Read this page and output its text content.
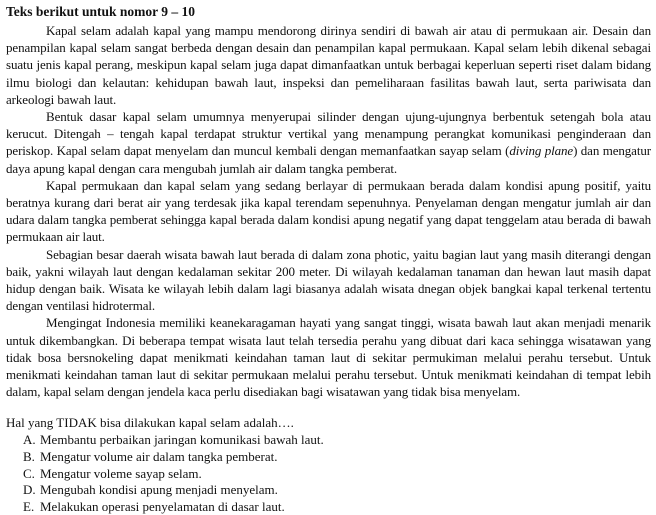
Teks berikut untuk nomor 9 – 10

Kapal selam adalah kapal yang mampu mendorong dirinya sendiri di bawah air atau di permukaan air. Desain dan penampilan kapal selam sangat berbeda dengan desain dan penampilan kapal permukaan. Kapal selam lebih dikenal sebagai suatu jenis kapal perang, meskipun kapal selam juga dapat dimanfaatkan untuk berbagai keperluan seperti riset dalam bidang ilmu biologi dan kelautan: kehidupan bawah laut, inspeksi dan pemeliharaan fasilitas bawah laut, serta pariwisata dan arkeologi bawah laut.

Bentuk dasar kapal selam umumnya menyerupai silinder dengan ujung-ujungnya berbentuk setengah bola atau kerucut. Ditengah – tengah kapal terdapat struktur vertikal yang menampung perangkat komunikasi penginderaan dan periskop. Kapal selam dapat menyelam dan muncul kembali dengan memanfaatkan sayap selam (diving plane) dan mengatur daya apung kapal dengan cara mengubah jumlah air dalam tangka pemberat.

Kapal permukaan dan kapal selam yang sedang berlayar di permukaan berada dalam kondisi apung positif, yaitu beratnya kurang dari berat air yang terdesak jika kapal terendam sepenuhnya. Penyelaman dengan mengatur jumlah air dan udara dalam tangka pemberat sehingga kapal berada dalam kondisi apung negatif yang dapat tenggelam atau berada di bawah permukaan air laut.

Sebagian besar daerah wisata bawah laut berada di dalam zona photic, yaitu bagian laut yang masih diterangi dengan baik, yakni wilayah laut dengan kedalaman sekitar 200 meter. Di wilayah kedalaman tanaman dan hewan laut masih dapat hidup dengan baik. Wisata ke wilayah lebih dalam lagi biasanya adalah wisata dnegan objek bangkai kapal terkenal tertentu dengan ventilasi hidrotermal.

Mengingat Indonesia memiliki keanekaragaman hayati yang sangat tinggi, wisata bawah laut akan menjadi menarik untuk dikembangkan. Di beberapa tempat wisata laut telah tersedia perahu yang dibuat dari kaca sehingga wisatawan yang tidak bosa bersnokeling dapat menikmati keindahan taman laut di sekitar permukiman melalui perahu tersebut. Untuk menikmati keindahan taman laut di sekitar permukaan melalui perahu tersebut. Untuk menikmati keindahan di tempat lebih dalam, kapal selam dengan jendela kaca perlu disediakan bagi wisatawan yang tidak bisa menyelam.

Hal yang TIDAK bisa dilakukan kapal selam adalah….
A. Membantu perbaikan jaringan komunikasi bawah laut.
B. Mengatur volume air dalam tangka pemberat.
C. Mengatur voleme sayap selam.
D. Mengubah kondisi apung menjadi menyelam.
E. Melakukan operasi penyelamatan di dasar laut.
